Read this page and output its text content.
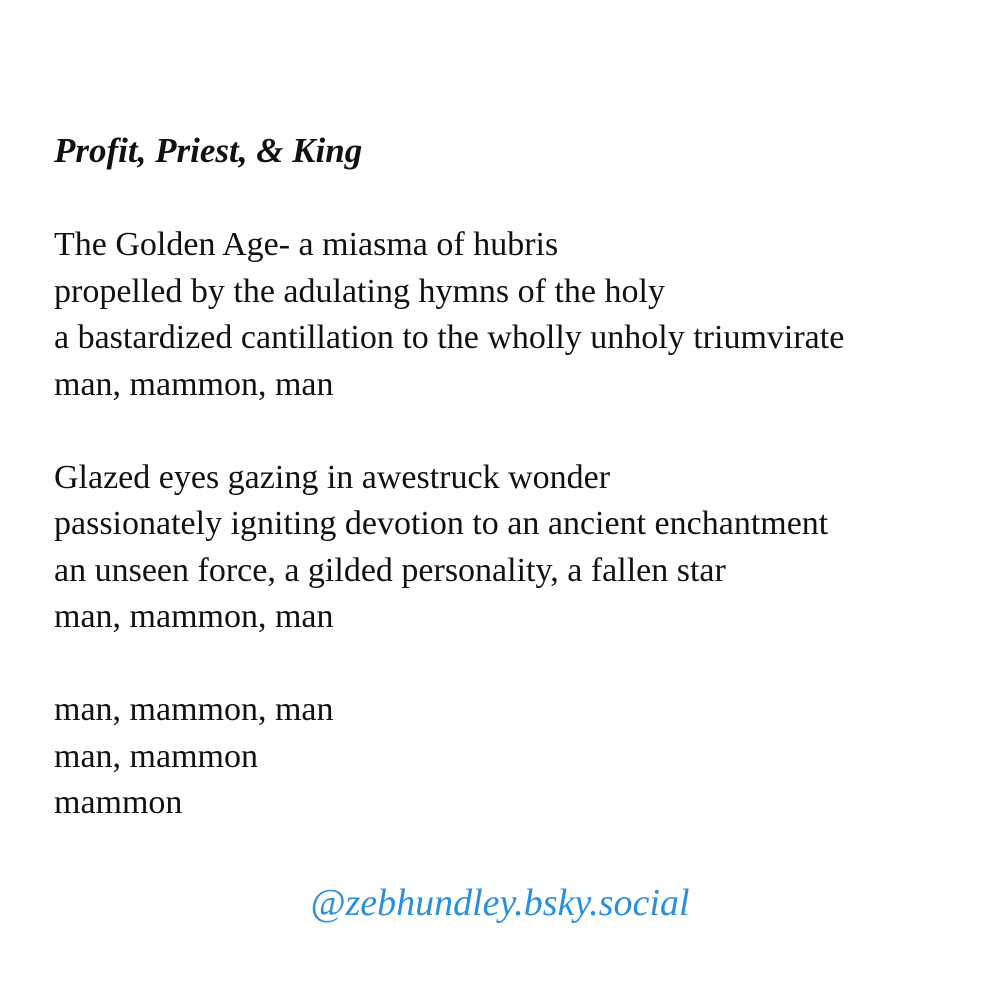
Profit, Priest, & King

The Golden Age- a miasma of hubris

propelled by the adulating hymns of the holy

a bastardized cantillation to the wholly unholy triumvirate

man, mammon, man

Glazed eyes gazing in awestruck wonder

passionately igniting devotion to an ancient enchantment

an unseen force, a gilded personality, a fallen star

man, mammon, man

man, mammon, man

man, mammon

mammon

@zebhundley.bsky.social
